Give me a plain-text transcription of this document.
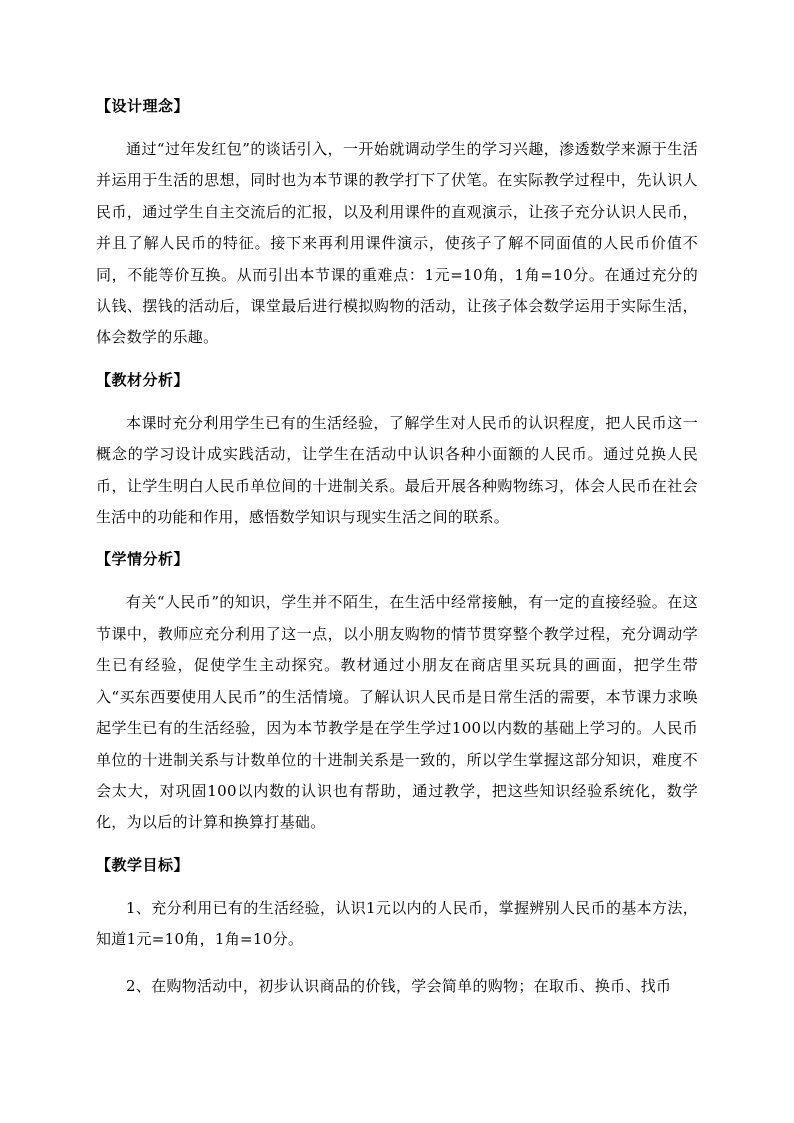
【设计理念】

通过“过年发红包”的谈话引入，一开始就调动学生的学习兴趣，渗透数学来源于生活并运用于生活的思想，同时也为本节课的教学打下了伏笔。在实际教学过程中，先认识人民币，通过学生自主交流后的汇报，以及利用课件的直观演示，让孩子充分认识人民币，并且了解人民币的特征。接下来再利用课件演示，使孩子了解不同面值的人民币价值不同，不能等价互换。从而引出本节课的重难点：1元=10角，1角=10分。在通过充分的认钱、摆钱的活动后，课堂最后进行模拟购物的活动，让孩子体会数学运用于实际生活，体会数学的乐趣。

【教材分析】

本课时充分利用学生已有的生活经验，了解学生对人民币的认识程度，把人民币这一概念的学习设计成实践活动，让学生在活动中认识各种小面额的人民币。通过兑换人民币，让学生明白人民币单位间的十进制关系。最后开展各种购物练习，体会人民币在社会生活中的功能和作用，感悟数学知识与现实生活之间的联系。

【学情分析】

有关“人民币”的知识，学生并不陌生，在生活中经常接触，有一定的直接经验。在这节课中，教师应充分利用了这一点，以小朋友购物的情节贯穿整个教学过程，充分调动学生已有经验，促使学生主动探究。教材通过小朋友在商店里买玩具的画面，把学生带入“买东西要使用人民币”的生活情境。了解认识人民币是日常生活的需要，本节课力求唤起学生已有的生活经验，因为本节教学是在学生学过100以内数的基础上学习的。人民币单位的十进制关系与计数单位的十进制关系是一致的，所以学生掌握这部分知识，难度不会太大，对巩固100以内数的认识也有帮助，通过教学，把这些知识经验系统化，数学化，为以后的计算和换算打基础。

【教学目标】

1、充分利用已有的生活经验，认识1元以内的人民币，掌握辨别人民币的基本方法，知道1元=10角，1角=10分。

2、在购物活动中，初步认识商品的价钱，学会简单的购物；在取币、换币、找币
